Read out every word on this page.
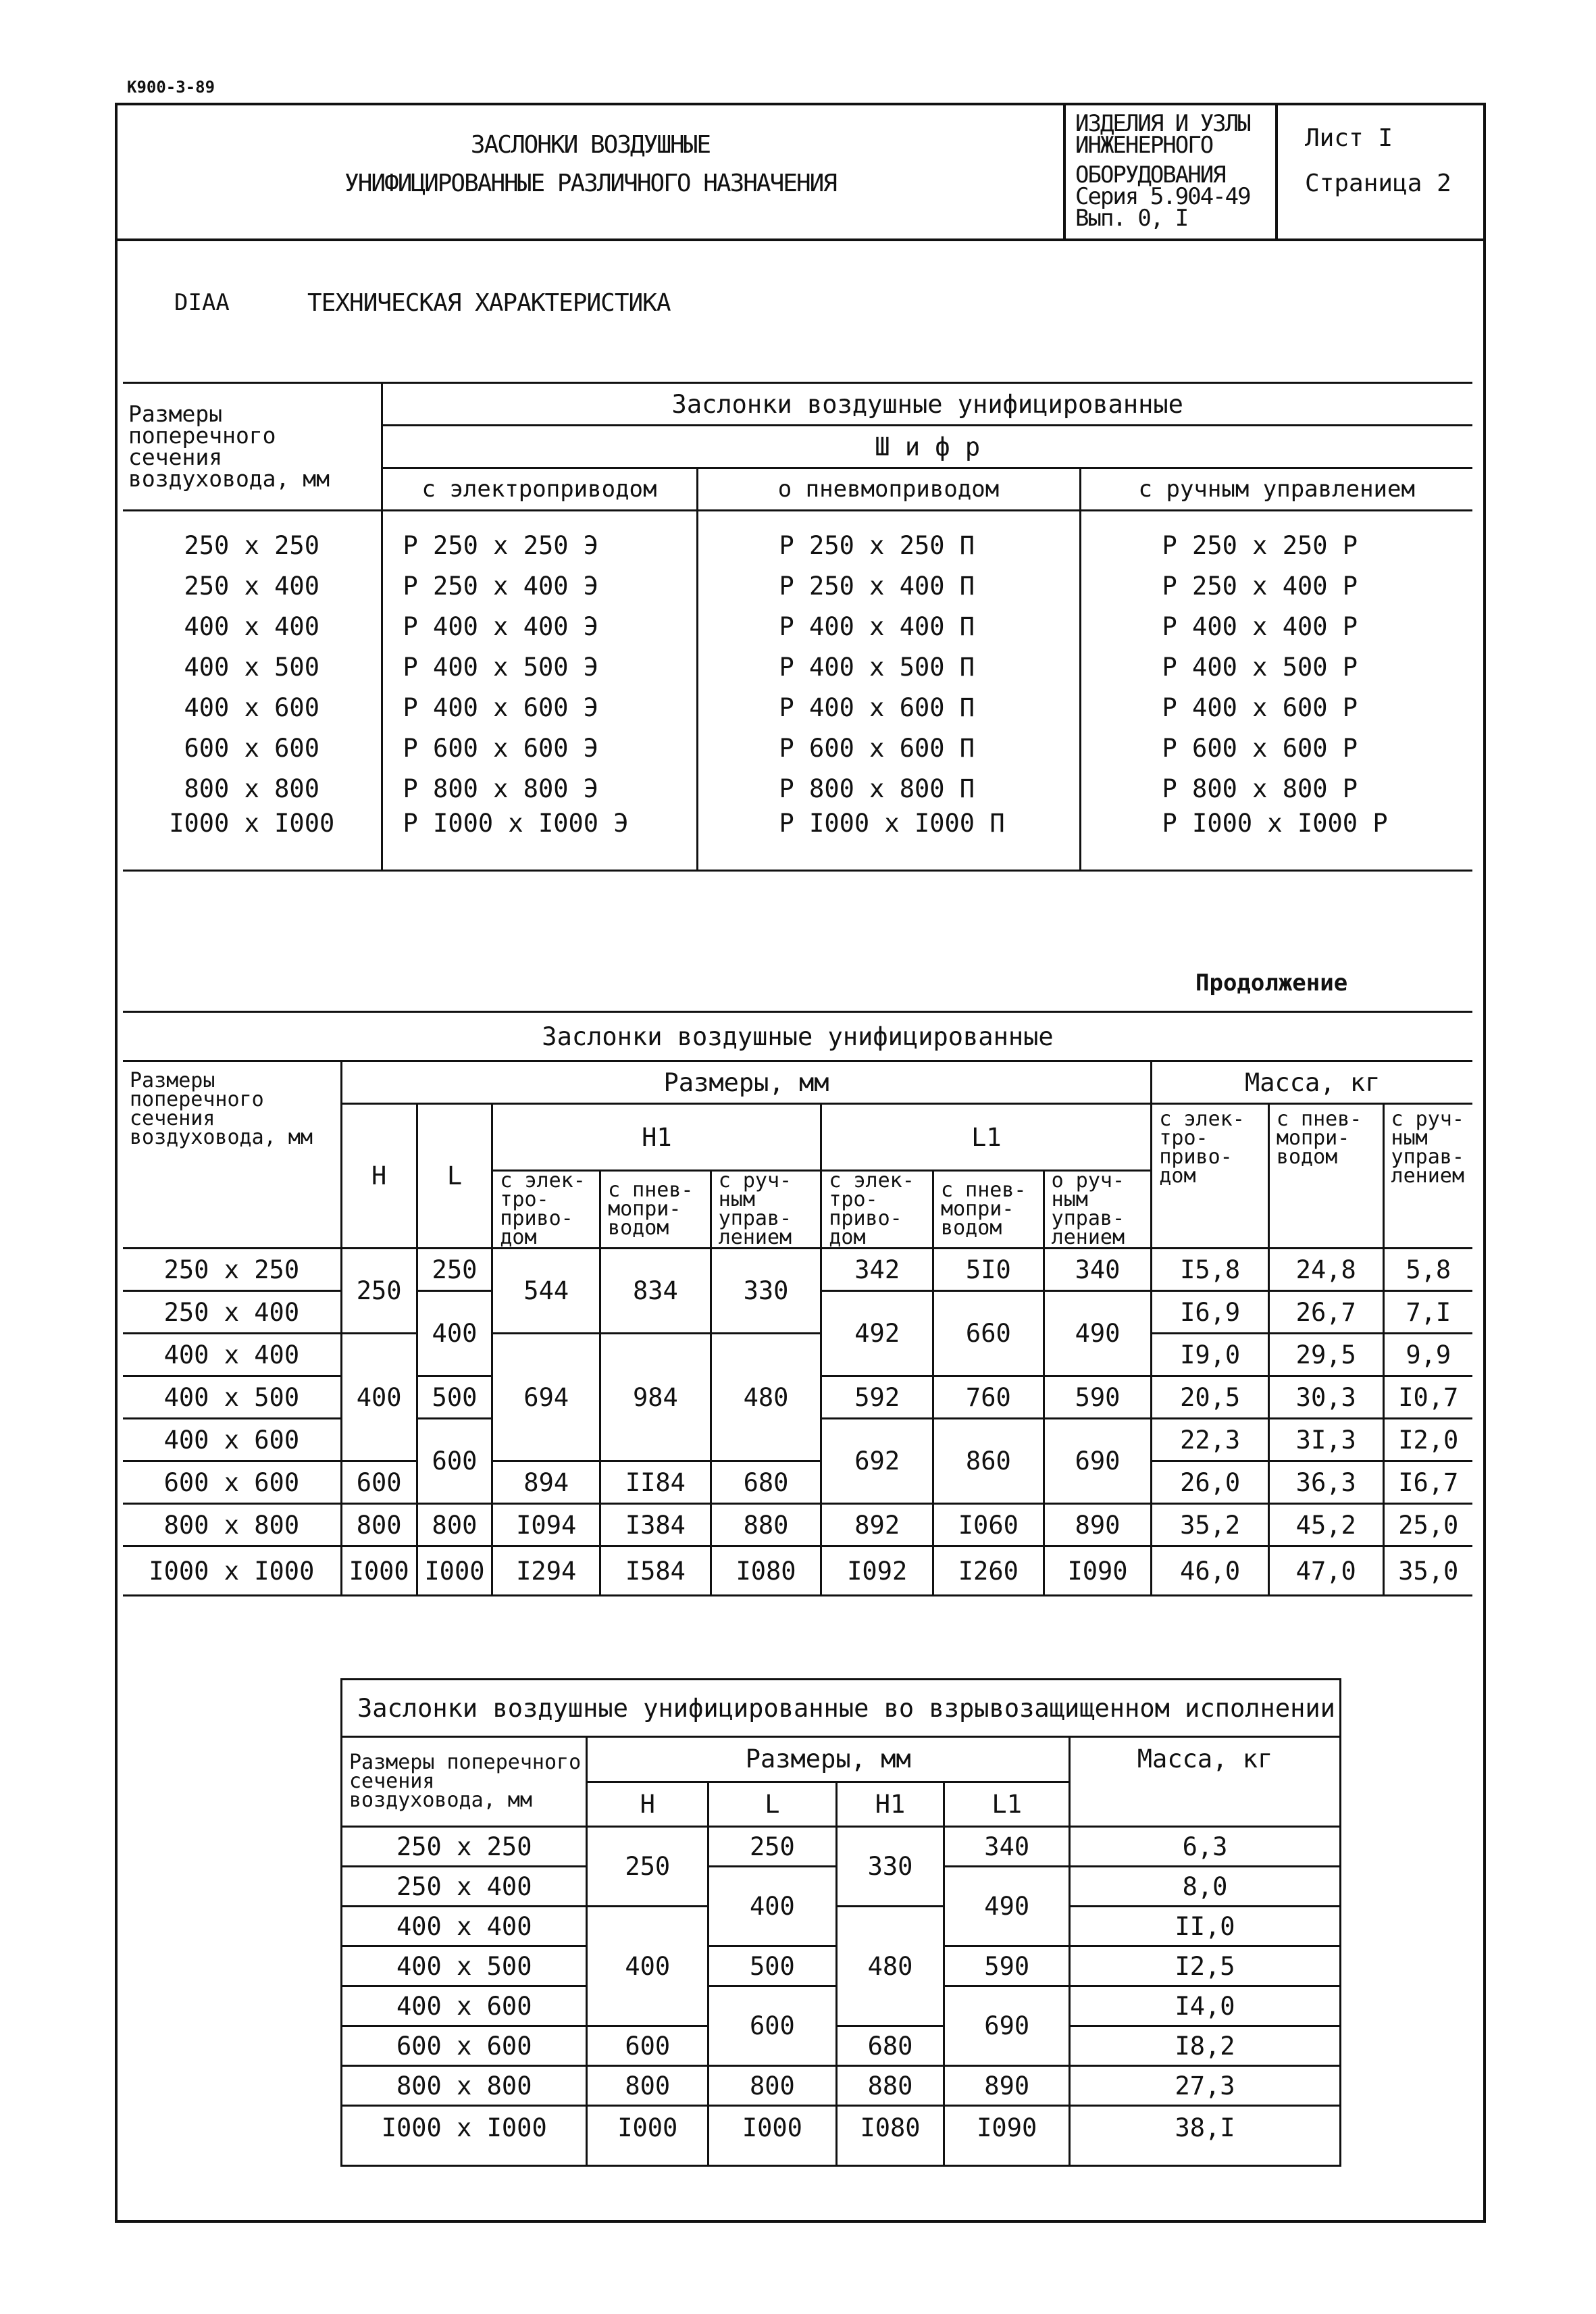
К900-3-89
ЗАСЛОНКИ ВОЗДУШНЫЕ
УНИФИЦИРОВАННЫЕ РАЗЛИЧНОГО НАЗНАЧЕНИЯ
ИЗДЕЛИЯ И УЗЛЫ
ИНЖЕНЕРНОГО
ОБОРУДОВАНИЯ
Серия 5.904-49
Вып. 0, I
Лист I
Страница 2
DIAA	ТЕХНИЧЕСКАЯ ХАРАКТЕРИСТИКА
Размеры поперечного сечения воздуховода, мм	Заслонки воздушные унифицированные		
	Ш и ф р		
	с электроприводом	о пневмоприводом	с ручным управлением
250 x 250	Р 250 x 250 Э	Р 250 x 250 П	Р 250 x 250 Р
250 x 400	Р 250 x 400 Э	Р 250 x 400 П	Р 250 x 400 Р
400 x 400	Р 400 x 400 Э	Р 400 x 400 П	Р 400 x 400 Р
400 x 500	Р 400 x 500 Э	Р 400 x 500 П	Р 400 x 500 Р
400 x 600	Р 400 x 600 Э	Р 400 x 600 П	Р 400 x 600 Р
600 x 600	Р 600 x 600 Э	Р 600 x 600 П	Р 600 x 600 Р
800 x 800	Р 800 x 800 Э	Р 800 x 800 П	Р 800 x 800 Р
I000 x I000	Р I000 x I000 Э	Р I000 x I000 П	Р I000 x I000 Р
Продолжение
Заслонки воздушные унифицированные											
Размеры поперечного сечения воздуховода, мм	Размеры, мм								Масса, кг		
	H	L	H1			L1			с элек-тро-приво-дом	с пнев-мопри-водом	с руч-ным управ-лением
			с элек-тро-приво-дом	с пнев-мопри-водом	с руч-ным управ-лением	с элек-тро-приво-дом	с пнев-мопри-водом	о руч-ным управ-лением			
250 x 250	250	250	544	834	330	342	5I0	340	I5,8	24,8	5,8
250 x 400		400				492	660	490	I6,9	26,7	7,I
400 x 400	400		694	984	480				I9,0	29,5	9,9
400 x 500		500				592	760	590	20,5	30,3	I0,7
400 x 600		600				692	860	690	22,3	3I,3	I2,0
600 x 600	600		894	II84	680				26,0	36,3	I6,7
800 x 800	800	800	I094	I384	880	892	I060	890	35,2	45,2	25,0
I000 x I000	I000	I000	I294	I584	I080	I092	I260	I090	46,0	47,0	35,0
Заслонки воздушные унифицированные во взрывозащищенном исполнении					
Размеры поперечного сечения воздуховода, мм	Размеры, мм				Масса, кг
	H	L	H1	L1	
250 x 250	250	250	330	340	6,3
250 x 400		400		490	8,0
400 x 400	400		480		II,0
400 x 500		500		590	I2,5
400 x 600		600		690	I4,0
600 x 600	600		680		I8,2
800 x 800	800	800	880	890	27,3
I000 x I000	I000	I000	I080	I090	38,I
